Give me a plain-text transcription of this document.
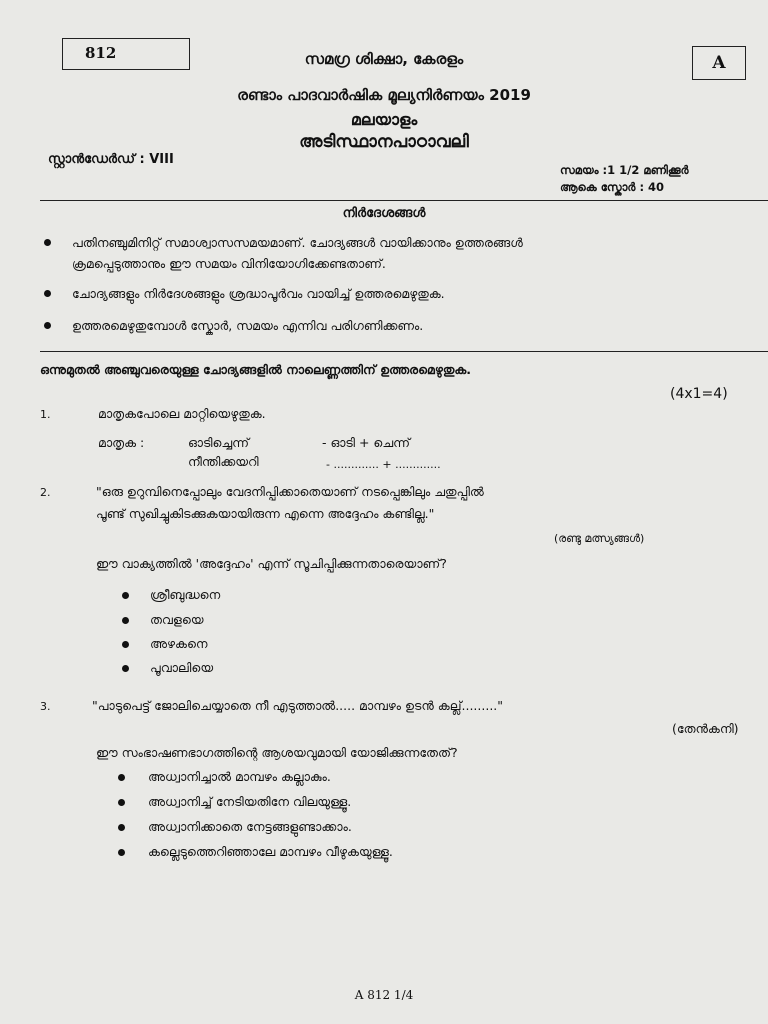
812	A
സമഗ്ര ശിക്ഷാ, കേരളം
രണ്ടാം പാദവാർഷിക മൂല്യനിർണയം 2019
മലയാളം
അടിസ്ഥാനപാഠാവലി
സ്റ്റാൻഡേർഡ് : VIII
സമയം :1 1/2 മണിക്കൂർ
ആകെ സ്കോർ : 40
നിർദേശങ്ങൾ
പതിനഞ്ചുമിനിറ്റ് സമാശ്വാസസമയമാണ്. ചോദ്യങ്ങൾ വായിക്കാനും ഉത്തരങ്ങൾ
ക്രമപ്പെടുത്താനും ഈ സമയം വിനിയോഗിക്കേണ്ടതാണ്.
ചോദ്യങ്ങളും നിർദേശങ്ങളും ശ്രദ്ധാപൂർവം വായിച്ച് ഉത്തരമെഴുതുക.
ഉത്തരമെഴുതുമ്പോൾ സ്കോർ, സമയം എന്നിവ പരിഗണിക്കണം.
ഒന്നുമുതൽ അഞ്ചുവരെയുള്ള ചോദ്യങ്ങളിൽ നാലെണ്ണത്തിന് ഉത്തരമെഴുതുക.
(4x1=4)
1.	മാതൃകപോലെ മാറ്റിയെഴുതുക.
മാതൃക :	ഓടിച്ചെന്ന്	- ഓടി + ചെന്ന്
നീന്തിക്കയറി	- ............. + .............
2.	"ഒരു ഉറുമ്പിനെപ്പോലും വേദനിപ്പിക്കാതെയാണ് നടപ്പെങ്കിലും ചതുപ്പിൽ
പൂണ്ട് സുഖിച്ചുകിടക്കുകയായിരുന്ന എന്നെ അദ്ദേഹം കണ്ടില്ല."
(രണ്ടു മത്സ്യങ്ങൾ)
ഈ വാക്യത്തിൽ 'അദ്ദേഹം' എന്ന് സൂചിപ്പിക്കുന്നതാരെയാണ്?
ശ്രീബുദ്ധനെ
തവളയെ
അഴകനെ
പൂവാലിയെ
3.	"പാടുപെട്ട് ജോലിചെയ്യാതെ നീ എടുത്താൽ..... മാമ്പഴം ഉടൻ കല്ല്........."
(തേൻകനി)
ഈ സംഭാഷണഭാഗത്തിന്റെ ആശയവുമായി യോജിക്കുന്നതേത്?
അധ്വാനിച്ചാൽ മാമ്പഴം കല്ലാകും.
അധ്വാനിച്ച് നേടിയതിനേ വിലയുള്ളൂ.
അധ്വാനിക്കാതെ നേട്ടങ്ങളുണ്ടാക്കാം.
കല്ലെടുത്തെറിഞ്ഞാലേ മാമ്പഴം വീഴുകയുള്ളൂ.
A 812 1/4
